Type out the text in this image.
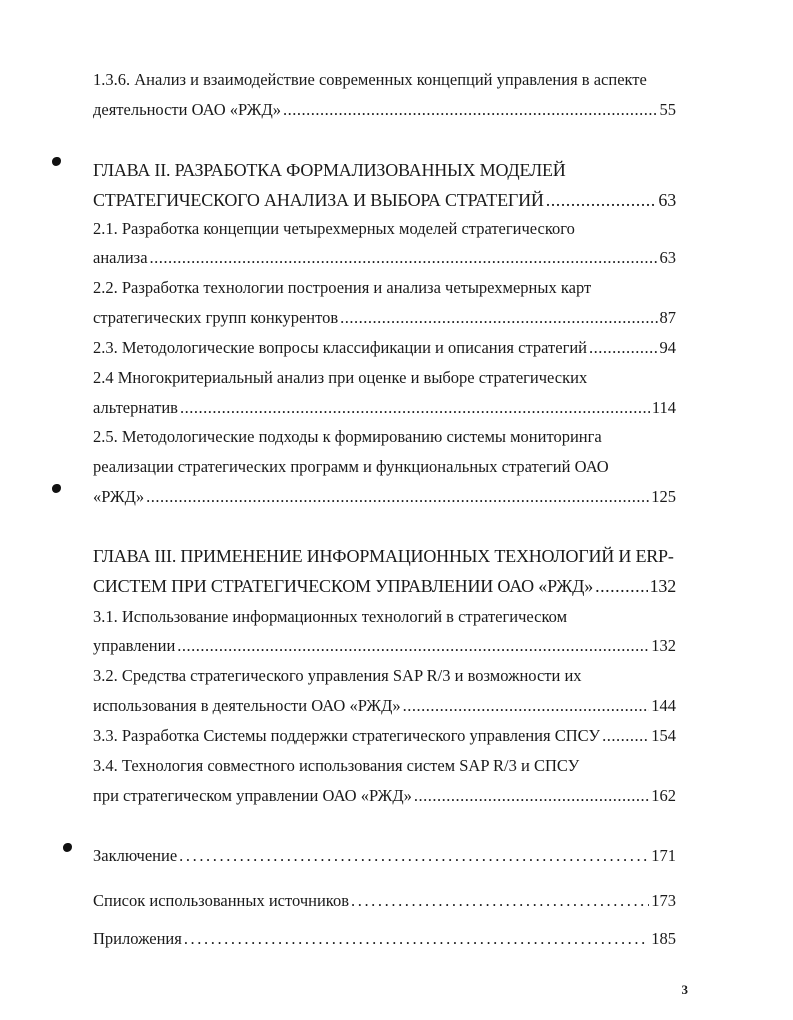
1.3.6. Анализ и взаимодействие современных концепций управления в аспекте
деятельности ОАО «РЖД» .....	55
ГЛАВА II. РАЗРАБОТКА ФОРМАЛИЗОВАННЫХ МОДЕЛЕЙ
СТРАТЕГИЧЕСКОГО АНАЛИЗА И ВЫБОРА СТРАТЕГИЙ .....	63
2.1. Разработка концепции четырехмерных моделей стратегического
анализа .....	63
2.2. Разработка технологии построения и анализа четырехмерных карт
стратегических групп конкурентов .....	87
2.3. Методологические вопросы классификации и описания стратегий .....	94
2.4 Многокритериальный анализ при оценке и выборе стратегических
альтернатив .....	114
2.5. Методологические подходы к формированию системы мониторинга
реализации стратегических программ и функциональных стратегий ОАО
«РЖД» .....	125
ГЛАВА III. ПРИМЕНЕНИЕ ИНФОРМАЦИОННЫХ ТЕХНОЛОГИЙ И ERP-
СИСТЕМ ПРИ СТРАТЕГИЧЕСКОМ УПРАВЛЕНИИ ОАО «РЖД» .....	132
3.1. Использование информационных технологий в стратегическом
управлении .....	132
3.2. Средства стратегического управления SAP R/3 и возможности их
использования в деятельности ОАО «РЖД» .....	144
3.3. Разработка Системы поддержки стратегического управления СПСУ .....	154
3.4. Технология совместного использования систем SAP R/3 и СПСУ
при стратегическом управлении ОАО «РЖД» .....	162
Заключение .....	171
Список использованных источников .....	173
Приложения .....	185
3
